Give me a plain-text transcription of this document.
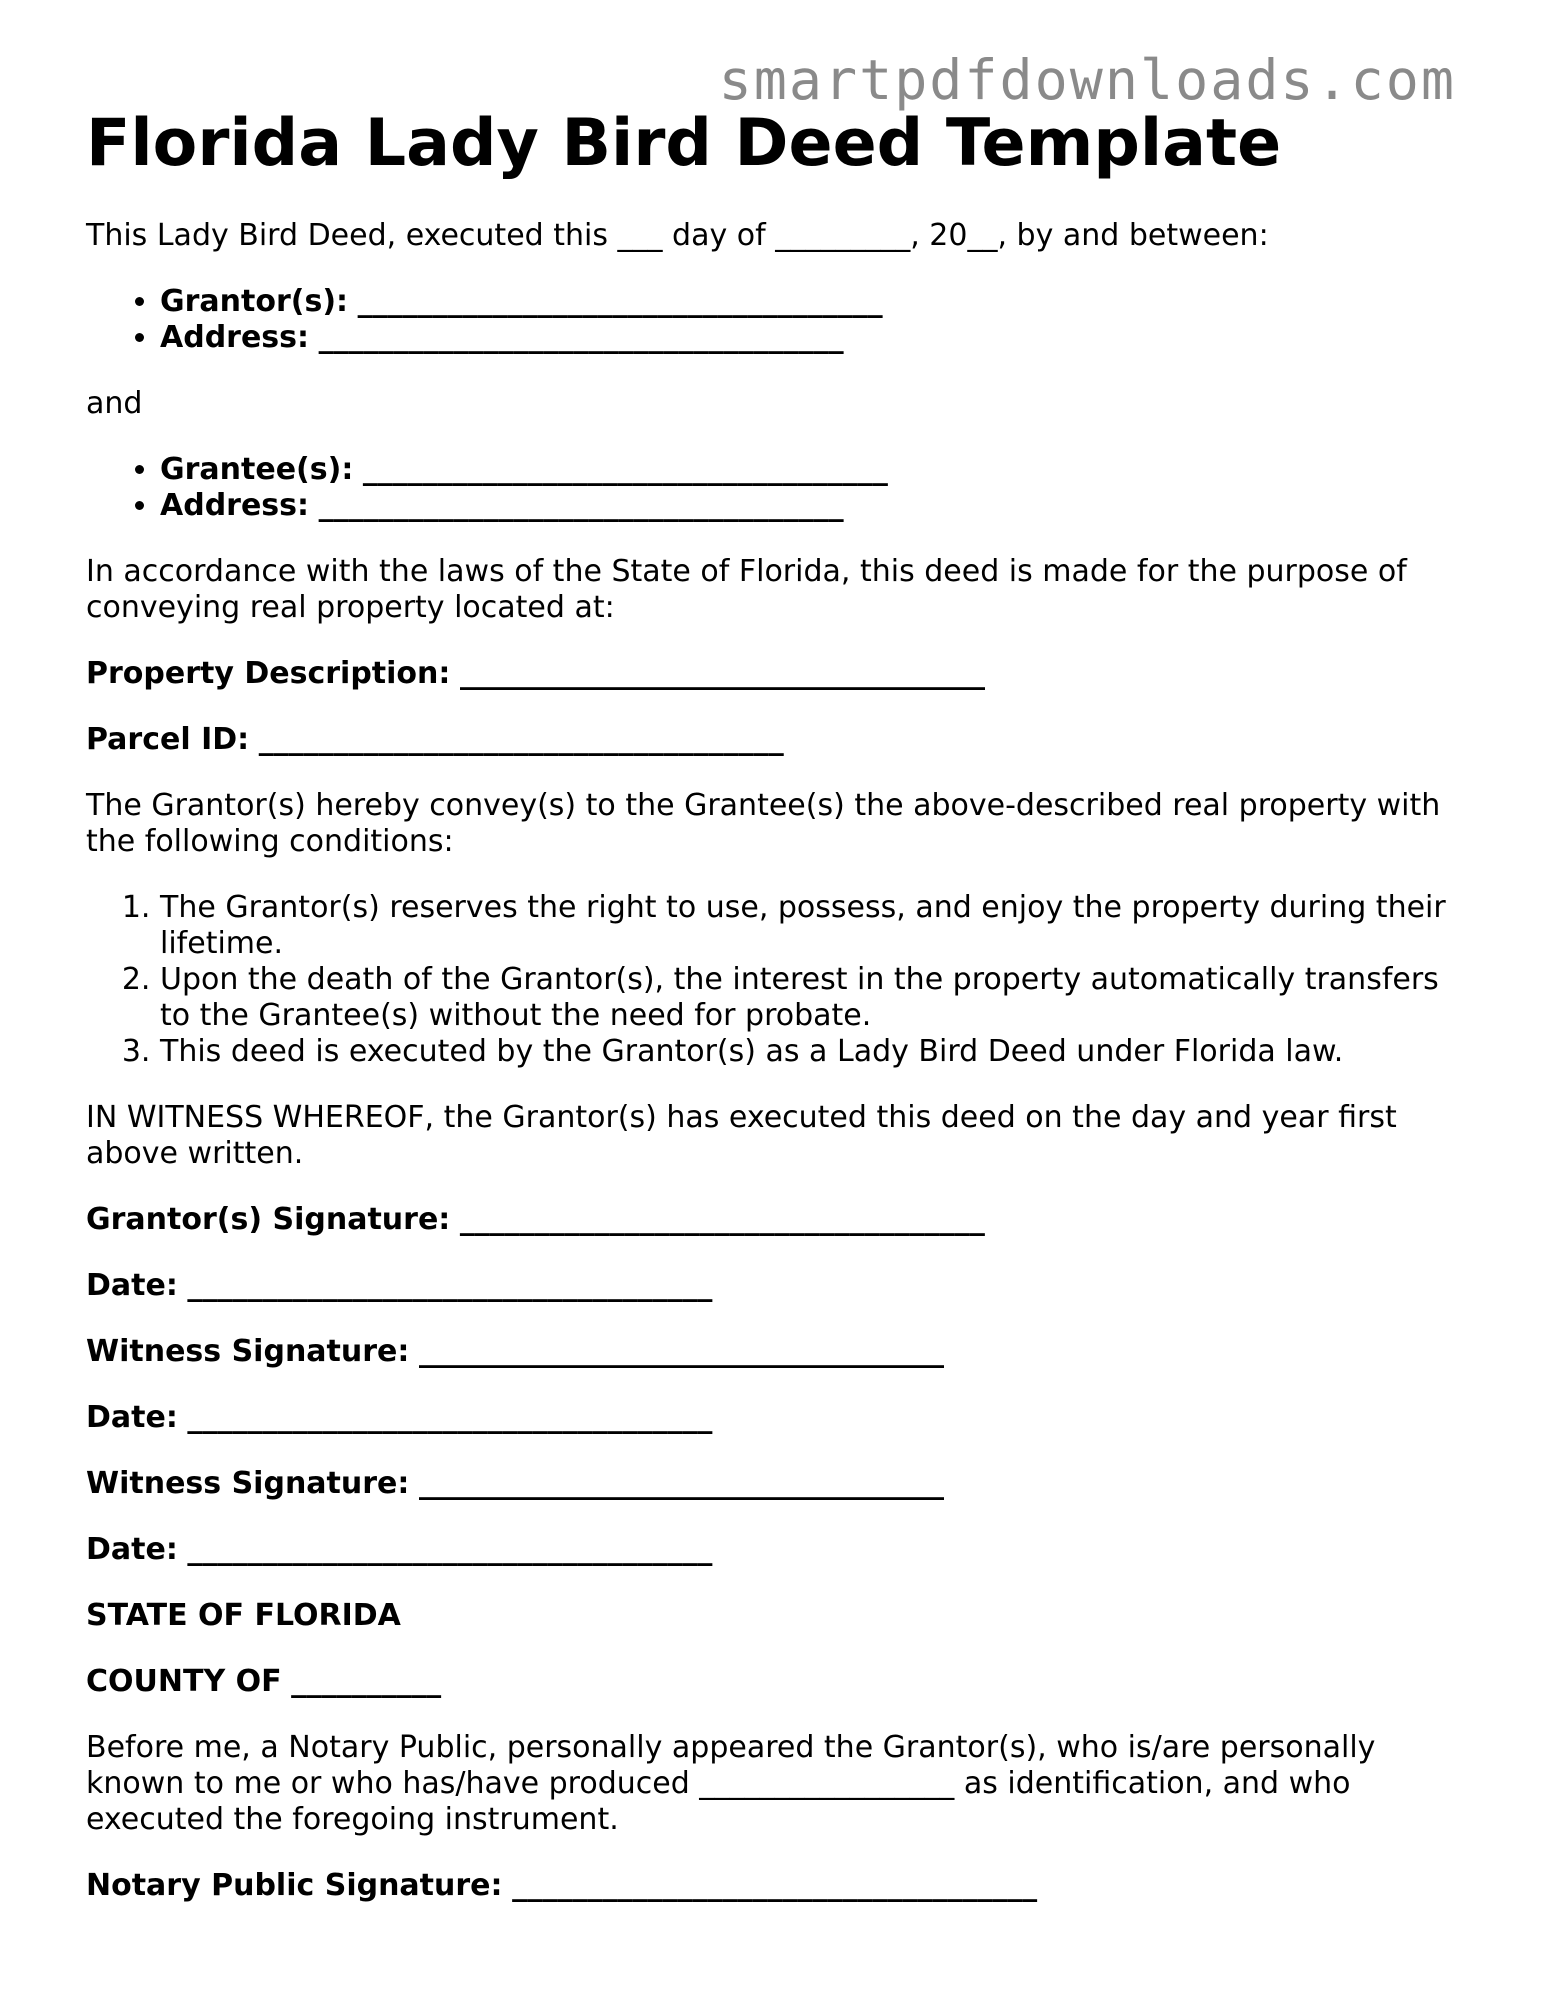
smartpdfdownloads.com
Florida Lady Bird Deed Template

This Lady Bird Deed, executed this ___ day of _________, 20__, by and between:

• Grantor(s): ___________________________________
• Address: ___________________________________

and

• Grantee(s): ___________________________________
• Address: ___________________________________

In accordance with the laws of the State of Florida, this deed is made for the purpose of conveying real property located at:

Property Description: ___________________________________

Parcel ID: ___________________________________

The Grantor(s) hereby convey(s) to the Grantee(s) the above-described real property with the following conditions:

1. The Grantor(s) reserves the right to use, possess, and enjoy the property during their lifetime.
2. Upon the death of the Grantor(s), the interest in the property automatically transfers to the Grantee(s) without the need for probate.
3. This deed is executed by the Grantor(s) as a Lady Bird Deed under Florida law.

IN WITNESS WHEREOF, the Grantor(s) has executed this deed on the day and year first above written.

Grantor(s) Signature: ___________________________________

Date: ___________________________________

Witness Signature: ___________________________________

Date: ___________________________________

Witness Signature: ___________________________________

Date: ___________________________________

STATE OF FLORIDA

COUNTY OF __________

Before me, a Notary Public, personally appeared the Grantor(s), who is/are personally known to me or who has/have produced _________________ as identification, and who executed the foregoing instrument.

Notary Public Signature: ___________________________________
